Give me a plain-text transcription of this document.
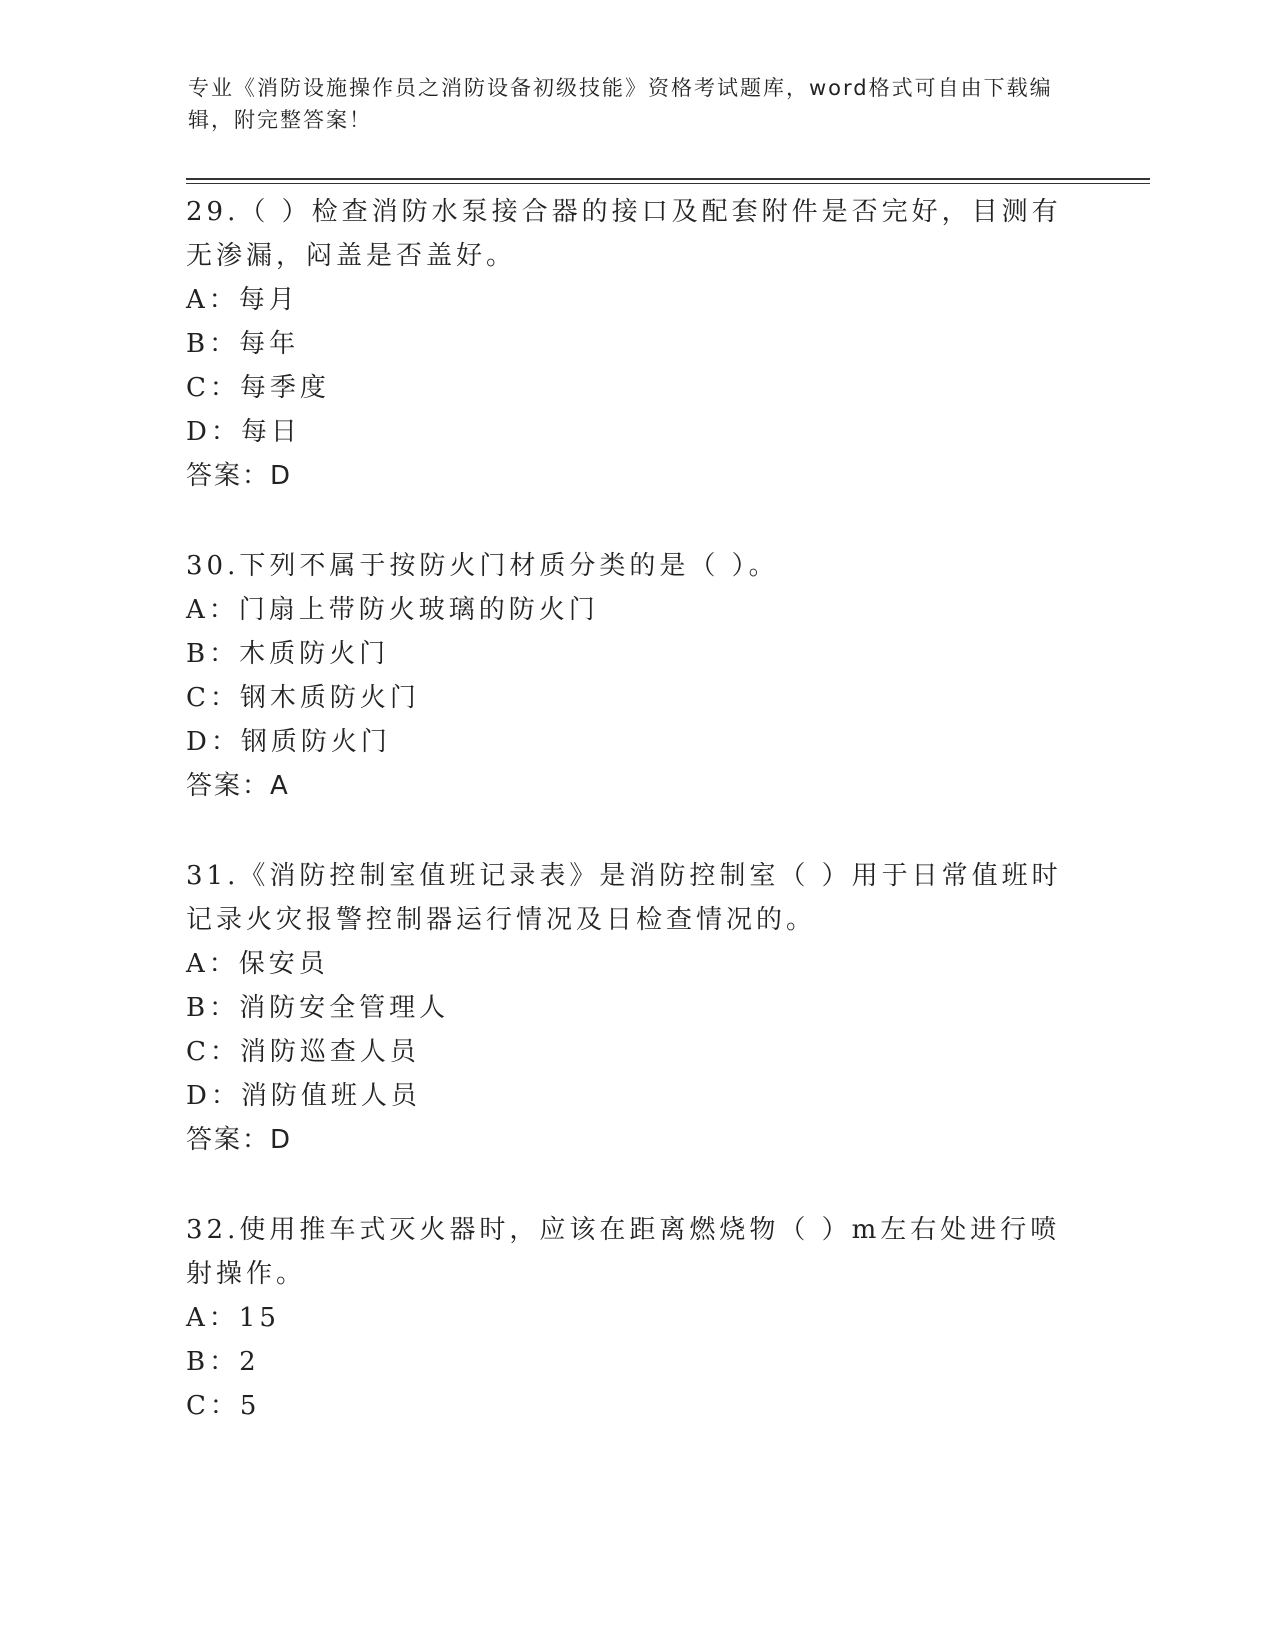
专业《消防设施操作员之消防设备初级技能》资格考试题库，word格式可自由下载编辑，附完整答案！

29.（ ）检查消防水泵接合器的接口及配套附件是否完好，目测有无渗漏，闷盖是否盖好。

A：每月

B：每年

C：每季度

D：每日

答案：D

30.下列不属于按防火门材质分类的是（ ）。

A：门扇上带防火玻璃的防火门

B：木质防火门

C：钢木质防火门

D：钢质防火门

答案：A

31.《消防控制室值班记录表》是消防控制室（ ）用于日常值班时记录火灾报警控制器运行情况及日检查情况的。

A：保安员

B：消防安全管理人

C：消防巡查人员

D：消防值班人员

答案：D

32.使用推车式灭火器时，应该在距离燃烧物（ ）m左右处进行喷射操作。

A：15

B：2

C：5
